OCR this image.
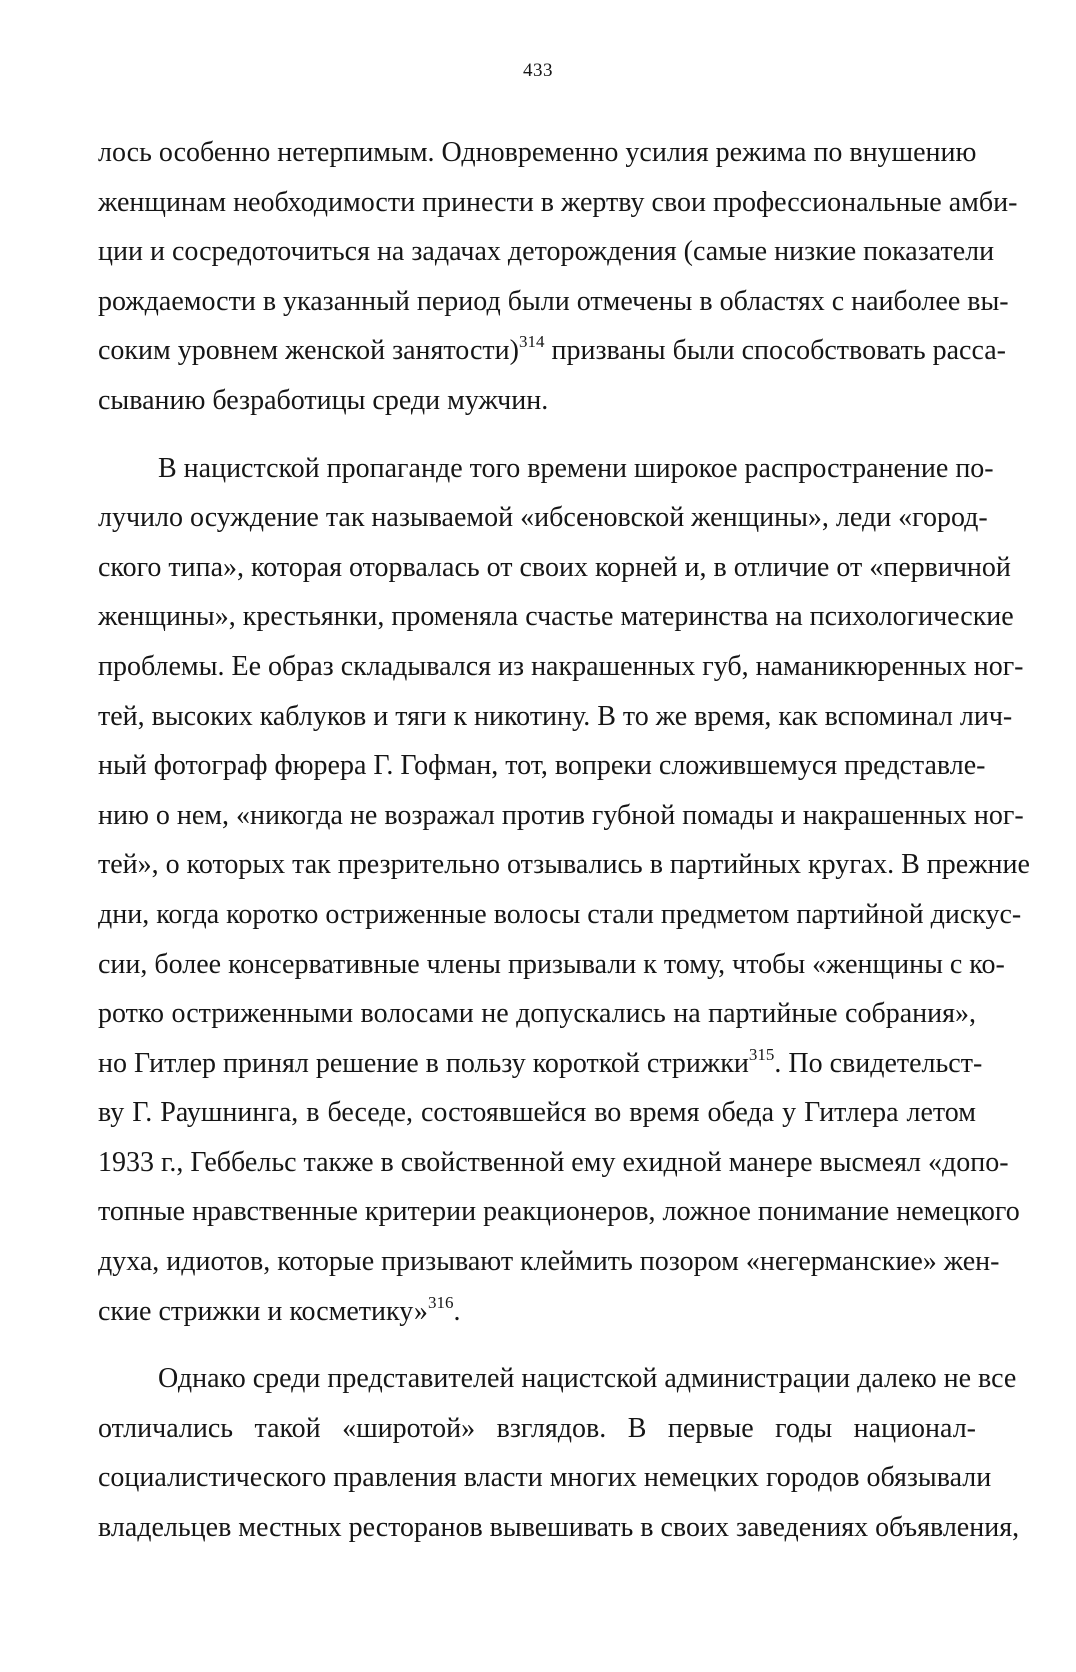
433
лось особенно нетерпимым. Одновременно усилия режима по внушению
женщинам необходимости принести в жертву свои профессиональные амби-
ции и сосредоточиться на задачах деторождения (самые низкие показатели
рождаемости в указанный период были отмечены в областях с наиболее вы-
соким уровнем женской занятости)$^{314}$ призваны были способствовать расса-
сыванию безработицы среди мужчин.
В нацистской пропаганде того времени широкое распространение по-
лучило осуждение так называемой «ибсеновской женщины», леди «город-
ского типа», которая оторвалась от своих корней и, в отличие от «первичной
женщины», крестьянки, променяла счастье материнства на психологические
проблемы. Ее образ складывался из накрашенных губ, наманикюренных ног-
тей, высоких каблуков и тяги к никотину. В то же время, как вспоминал лич-
ный фотограф фюрера Г. Гофман, тот, вопреки сложившемуся представле-
нию о нем, «никогда не возражал против губной помады и накрашенных ног-
тей», о которых так презрительно отзывались в партийных кругах. В прежние
дни, когда коротко остриженные волосы стали предметом партийной дискус-
сии, более консервативные члены призывали к тому, чтобы «женщины с ко-
ротко остриженными волосами не допускались на партийные собрания»,
но Гитлер принял решение в пользу короткой стрижки$^{315}$. По свидетельст-
ву Г. Раушнинга, в беседе, состоявшейся во время обеда у Гитлера летом
1933 г., Геббельс также в свойственной ему ехидной манере высмеял «допо-
топные нравственные критерии реакционеров, ложное понимание немецкого
духа, идиотов, которые призывают клеймить позором «негерманские» жен-
ские стрижки и косметику»$^{316}$.
Однако среди представителей нацистской администрации далеко не все
отличались такой «широтой» взглядов. В первые годы национал-
социалистического правления власти многих немецких городов обязывали
владельцев местных ресторанов вывешивать в своих заведениях объявления,
